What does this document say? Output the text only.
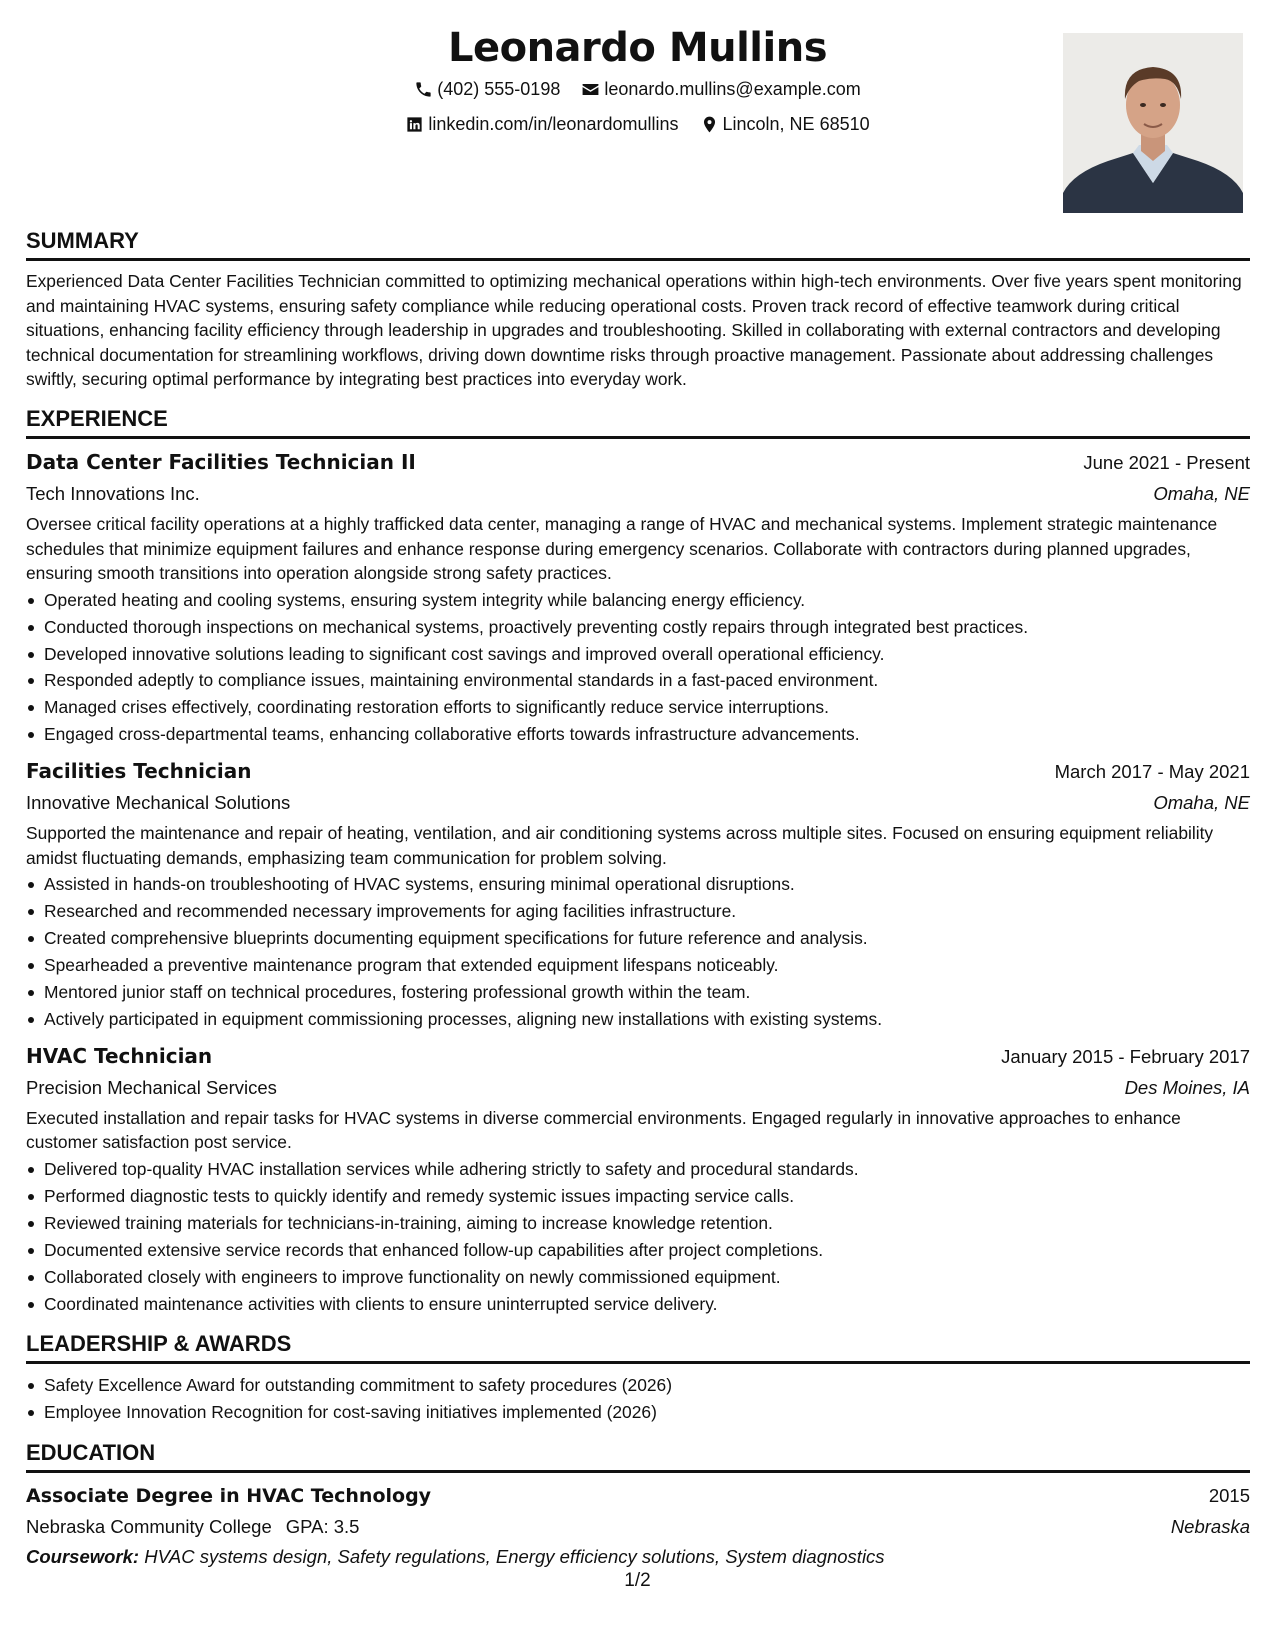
Leonardo Mullins
(402) 555-0198
leonardo.mullins@example.com
linkedin.com/in/leonardomullins
Lincoln, NE 68510
SUMMARY
Experienced Data Center Facilities Technician committed to optimizing mechanical operations within high-tech environments. Over five years spent monitoring and maintaining HVAC systems, ensuring safety compliance while reducing operational costs. Proven track record of effective teamwork during critical situations, enhancing facility efficiency through leadership in upgrades and troubleshooting. Skilled in collaborating with external contractors and developing technical documentation for streamlining workflows, driving down downtime risks through proactive management. Passionate about addressing challenges swiftly, securing optimal performance by integrating best practices into everyday work.
EXPERIENCE
Data Center Facilities Technician II	June 2021 - Present
Tech Innovations Inc.	Omaha, NE
Oversee critical facility operations at a highly trafficked data center, managing a range of HVAC and mechanical systems. Implement strategic maintenance schedules that minimize equipment failures and enhance response during emergency scenarios. Collaborate with contractors during planned upgrades, ensuring smooth transitions into operation alongside strong safety practices.
Operated heating and cooling systems, ensuring system integrity while balancing energy efficiency.
Conducted thorough inspections on mechanical systems, proactively preventing costly repairs through integrated best practices.
Developed innovative solutions leading to significant cost savings and improved overall operational efficiency.
Responded adeptly to compliance issues, maintaining environmental standards in a fast-paced environment.
Managed crises effectively, coordinating restoration efforts to significantly reduce service interruptions.
Engaged cross-departmental teams, enhancing collaborative efforts towards infrastructure advancements.
Facilities Technician	March 2017 - May 2021
Innovative Mechanical Solutions	Omaha, NE
Supported the maintenance and repair of heating, ventilation, and air conditioning systems across multiple sites. Focused on ensuring equipment reliability amidst fluctuating demands, emphasizing team communication for problem solving.
Assisted in hands-on troubleshooting of HVAC systems, ensuring minimal operational disruptions.
Researched and recommended necessary improvements for aging facilities infrastructure.
Created comprehensive blueprints documenting equipment specifications for future reference and analysis.
Spearheaded a preventive maintenance program that extended equipment lifespans noticeably.
Mentored junior staff on technical procedures, fostering professional growth within the team.
Actively participated in equipment commissioning processes, aligning new installations with existing systems.
HVAC Technician	January 2015 - February 2017
Precision Mechanical Services	Des Moines, IA
Executed installation and repair tasks for HVAC systems in diverse commercial environments. Engaged regularly in innovative approaches to enhance customer satisfaction post service.
Delivered top-quality HVAC installation services while adhering strictly to safety and procedural standards.
Performed diagnostic tests to quickly identify and remedy systemic issues impacting service calls.
Reviewed training materials for technicians-in-training, aiming to increase knowledge retention.
Documented extensive service records that enhanced follow-up capabilities after project completions.
Collaborated closely with engineers to improve functionality on newly commissioned equipment.
Coordinated maintenance activities with clients to ensure uninterrupted service delivery.
LEADERSHIP & AWARDS
Safety Excellence Award for outstanding commitment to safety procedures (2026)
Employee Innovation Recognition for cost-saving initiatives implemented (2026)
EDUCATION
Associate Degree in HVAC Technology	2015
Nebraska Community College GPA: 3.5	Nebraska
Coursework: HVAC systems design, Safety regulations, Energy efficiency solutions, System diagnostics
1/2
